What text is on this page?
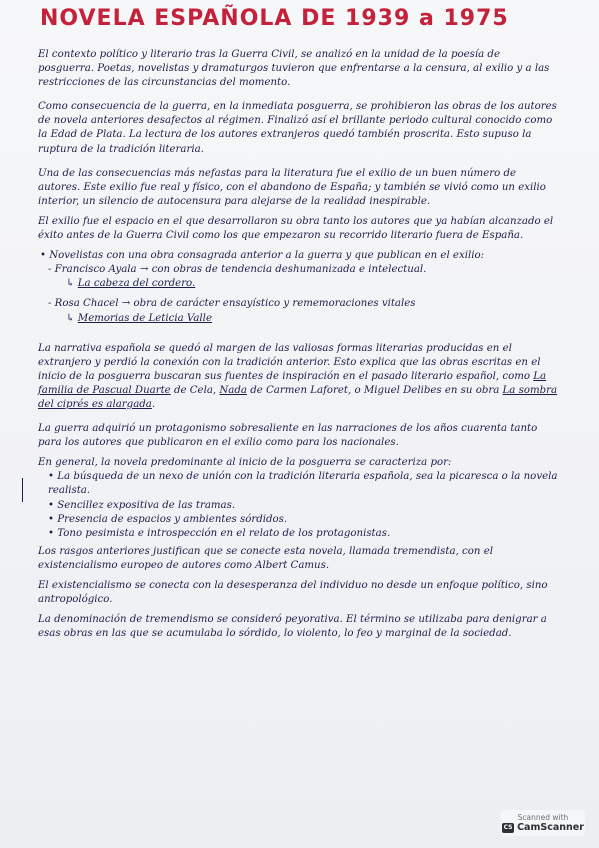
NOVELA ESPAÑOLA DE 1939 a 1975

El contexto político y literario tras la Guerra Civil, se analizó en la unidad de la poesía de posguerra. Poetas, novelistas y dramaturgos tuvieron que enfrentarse a la censura, al exilio y a las restricciones de las circunstancias del momento.

Como consecuencia de la guerra, en la inmediata posguerra, se prohibieron las obras de los autores de novela anteriores desafectos al régimen. Finalizó así el brillante periodo cultural conocido como la Edad de Plata. La lectura de los autores extranjeros quedó también proscrita. Esto supuso la ruptura de la tradición literaria.

Una de las consecuencias más nefastas para la literatura fue el exilio de un buen número de autores. Este exilio fue real y físico, con el abandono de España; y también se vivió como un exilio interior, un silencio de autocensura para alejarse de la realidad inespirable.

El exilio fue el espacio en el que desarrollaron su obra tanto los autores que ya habían alcanzado el éxito antes de la Guerra Civil como los que empezaron su recorrido literario fuera de España.

• Novelistas con una obra consagrada anterior a la guerra y que publican en el exilio:

- Francisco Ayala → con obras de tendencia deshumanizada e intelectual.

↳ La cabeza del cordero.

- Rosa Chacel → obra de carácter ensayístico y rememoraciones vitales

↳ Memorias de Leticia Valle

La narrativa española se quedó al margen de las valiosas formas literarias producidas en el extranjero y perdió la conexión con la tradición anterior. Esto explica que las obras escritas en el inicio de la posguerra buscaran sus fuentes de inspiración en el pasado literario español, como La familia de Pascual Duarte de Cela, Nada de Carmen Laforet, o Miguel Delibes en su obra La sombra del ciprés es alargada.

La guerra adquirió un protagonismo sobresaliente en las narraciones de los años cuarenta tanto para los autores que publicaron en el exilio como para los nacionales.

En general, la novela predominante al inicio de la posguerra se caracteriza por:

• La búsqueda de un nexo de unión con la tradición literaria española, sea la picaresca o la novela realista.

• Sencillez expositiva de las tramas.

• Presencia de espacios y ambientes sórdidos.

• Tono pesimista e introspección en el relato de los protagonistas.

Los rasgos anteriores justifican que se conecte esta novela, llamada tremendista, con el existencialismo europeo de autores como Albert Camus.

El existencialismo se conecta con la desesperanza del individuo no desde un enfoque político, sino antropológico.

La denominación de tremendismo se consideró peyorativa. El término se utilizaba para denigrar a esas obras en las que se acumulaba lo sórdido, lo violento, lo feo y marginal de la sociedad.

Scanned with
CS CamScanner
